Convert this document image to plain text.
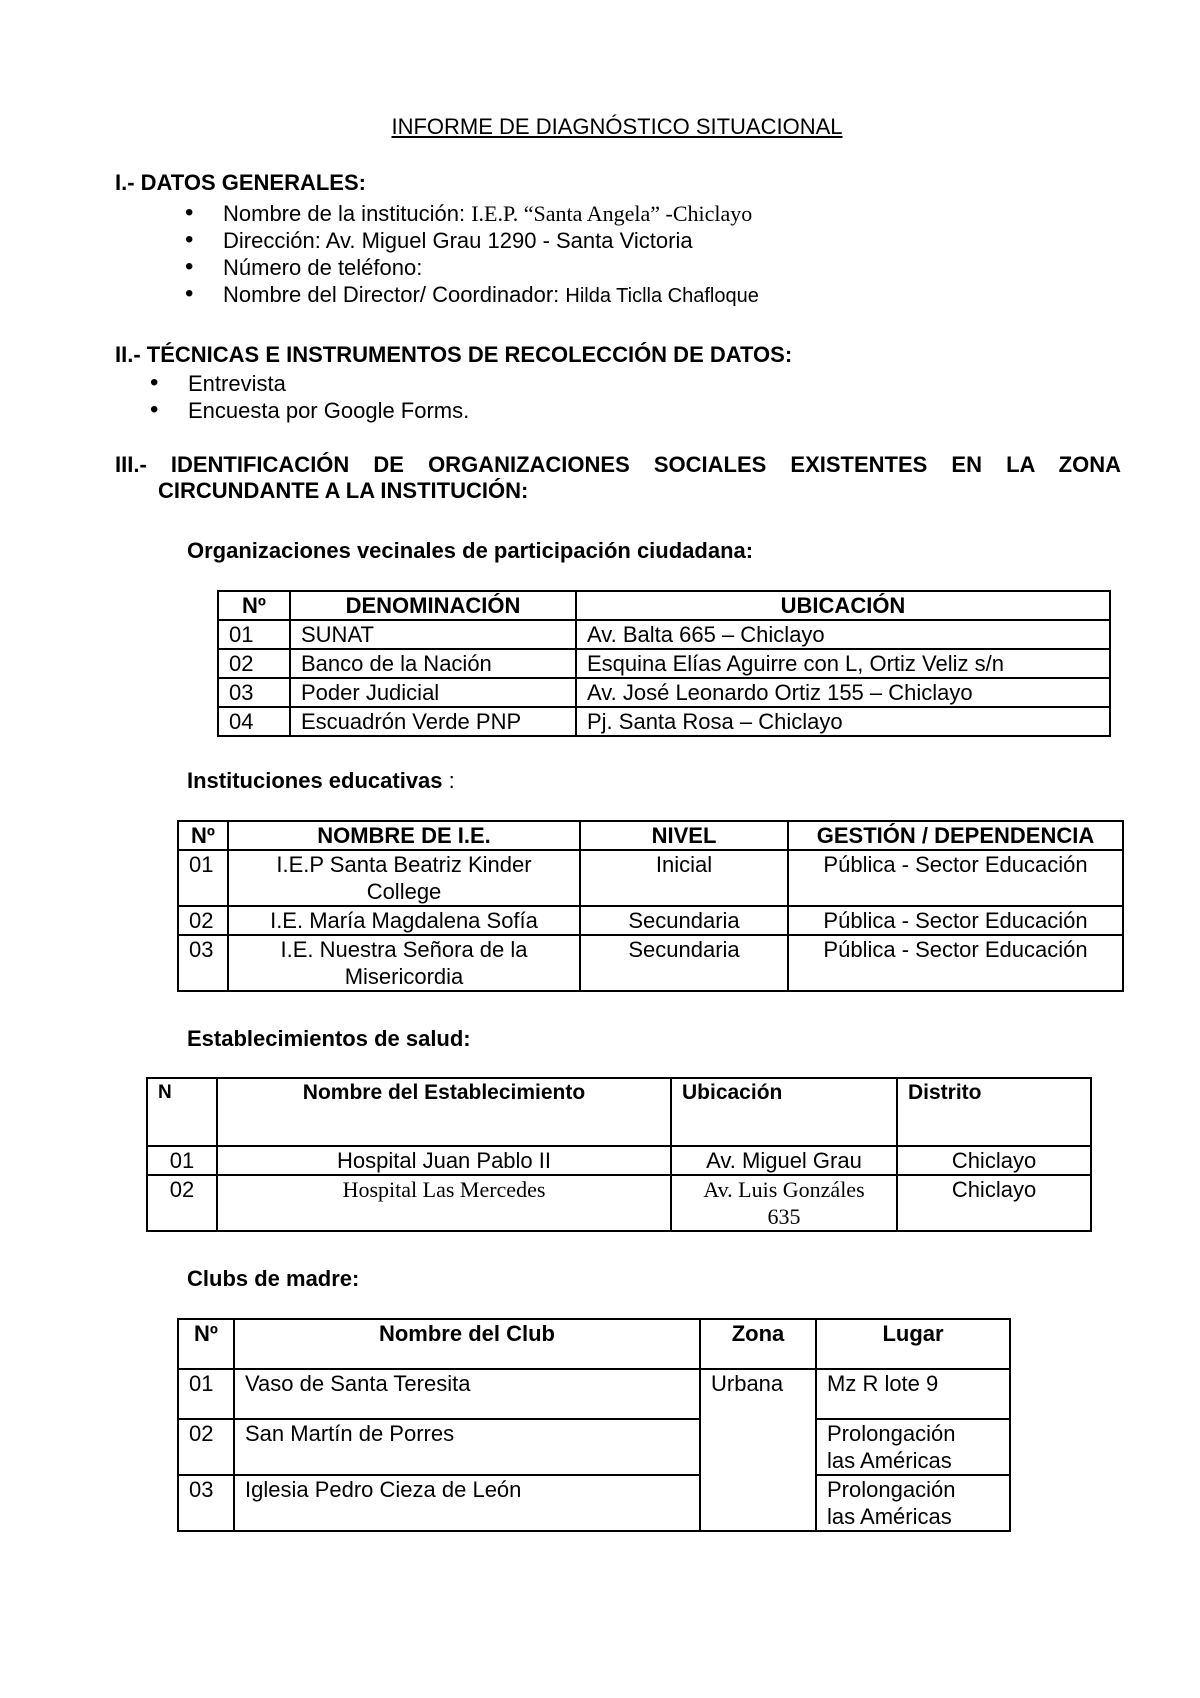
INFORME DE DIAGNÓSTICO SITUACIONAL
I.- DATOS GENERALES:
• Nombre de la institución: I.E.P. “Santa Angela” -Chiclayo
• Dirección: Av. Miguel Grau 1290 - Santa Victoria
• Número de teléfono:
• Nombre del Director/ Coordinador: Hilda Ticlla Chafloque
II.- TÉCNICAS E INSTRUMENTOS DE RECOLECCIÓN DE DATOS:
• Entrevista
• Encuesta por Google Forms.
III.- IDENTIFICACIÓN DE ORGANIZACIONES SOCIALES EXISTENTES EN LA ZONA
CIRCUNDANTE A LA INSTITUCIÓN:
Organizaciones vecinales de participación ciudadana:
Nº	DENOMINACIÓN	UBICACIÓN
01	SUNAT	Av. Balta 665 – Chiclayo
02	Banco de la Nación	Esquina Elías Aguirre con L, Ortiz Veliz s/n
03	Poder Judicial	Av. José Leonardo Ortiz 155 – Chiclayo
04	Escuadrón Verde PNP	Pj. Santa Rosa – Chiclayo
Instituciones educativas :
Nº	NOMBRE DE I.E.	NIVEL	GESTIÓN / DEPENDENCIA
01	I.E.P Santa Beatriz Kinder College	Inicial	Pública - Sector Educación
02	I.E. María Magdalena Sofía	Secundaria	Pública - Sector Educación
03	I.E. Nuestra Señora de la Misericordia	Secundaria	Pública - Sector Educación
Establecimientos de salud:
N	Nombre del Establecimiento	Ubicación	Distrito
01	Hospital Juan Pablo II	Av. Miguel Grau	Chiclayo
02	Hospital Las Mercedes	Av. Luis Gonzáles 635	Chiclayo
Clubs de madre:
Nº	Nombre del Club	Zona	Lugar
01	Vaso de Santa Teresita	Urbana	Mz R lote 9
02	San Martín de Porres		Prolongación las Américas
03	Iglesia Pedro Cieza de León		Prolongación las Américas
